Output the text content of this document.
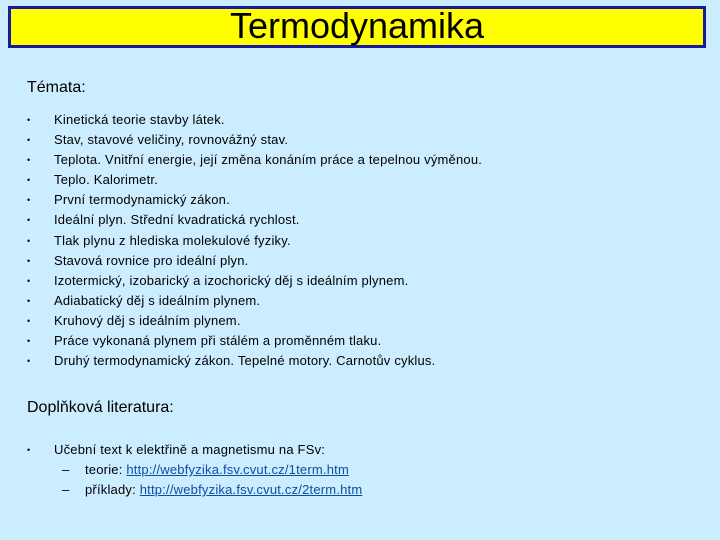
Termodynamika
Témata:
• Kinetická teorie stavby látek.
• Stav, stavové veličiny, rovnovážný stav.
• Teplota. Vnitřní energie, její změna konáním práce a tepelnou výměnou.
• Teplo. Kalorimetr.
• První termodynamický zákon.
• Ideální plyn. Střední kvadratická rychlost.
• Tlak plynu z hlediska molekulové fyziky.
• Stavová rovnice pro ideální plyn.
• Izotermický, izobarický a izochorický děj s ideálním plynem.
• Adiabatický děj s ideálním plynem.
• Kruhový děj s ideálním plynem.
• Práce vykonaná plynem při stálém a proměnném tlaku.
• Druhý termodynamický zákon. Tepelné motory. Carnotův cyklus.
Doplňková literatura:
• Učební text k elektřině a magnetismu na FSv:
– teorie: http://webfyzika.fsv.cvut.cz/1term.htm
– příklady: http://webfyzika.fsv.cvut.cz/2term.htm
